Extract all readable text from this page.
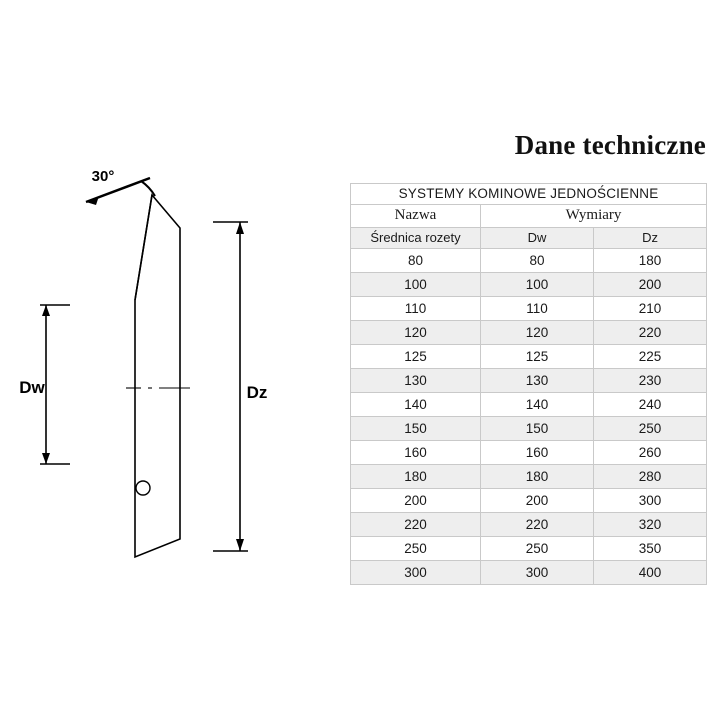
30°
Dw	Dz
Dane techniczne
SYSTEMY KOMINOWE JEDNOŚCIENNE		
Nazwa	Wymiary	
Średnica rozety	Dw	Dz
80	80	180
100	100	200
110	110	210
120	120	220
125	125	225
130	130	230
140	140	240
150	150	250
160	160	260
180	180	280
200	200	300
220	220	320
250	250	350
300	300	400
